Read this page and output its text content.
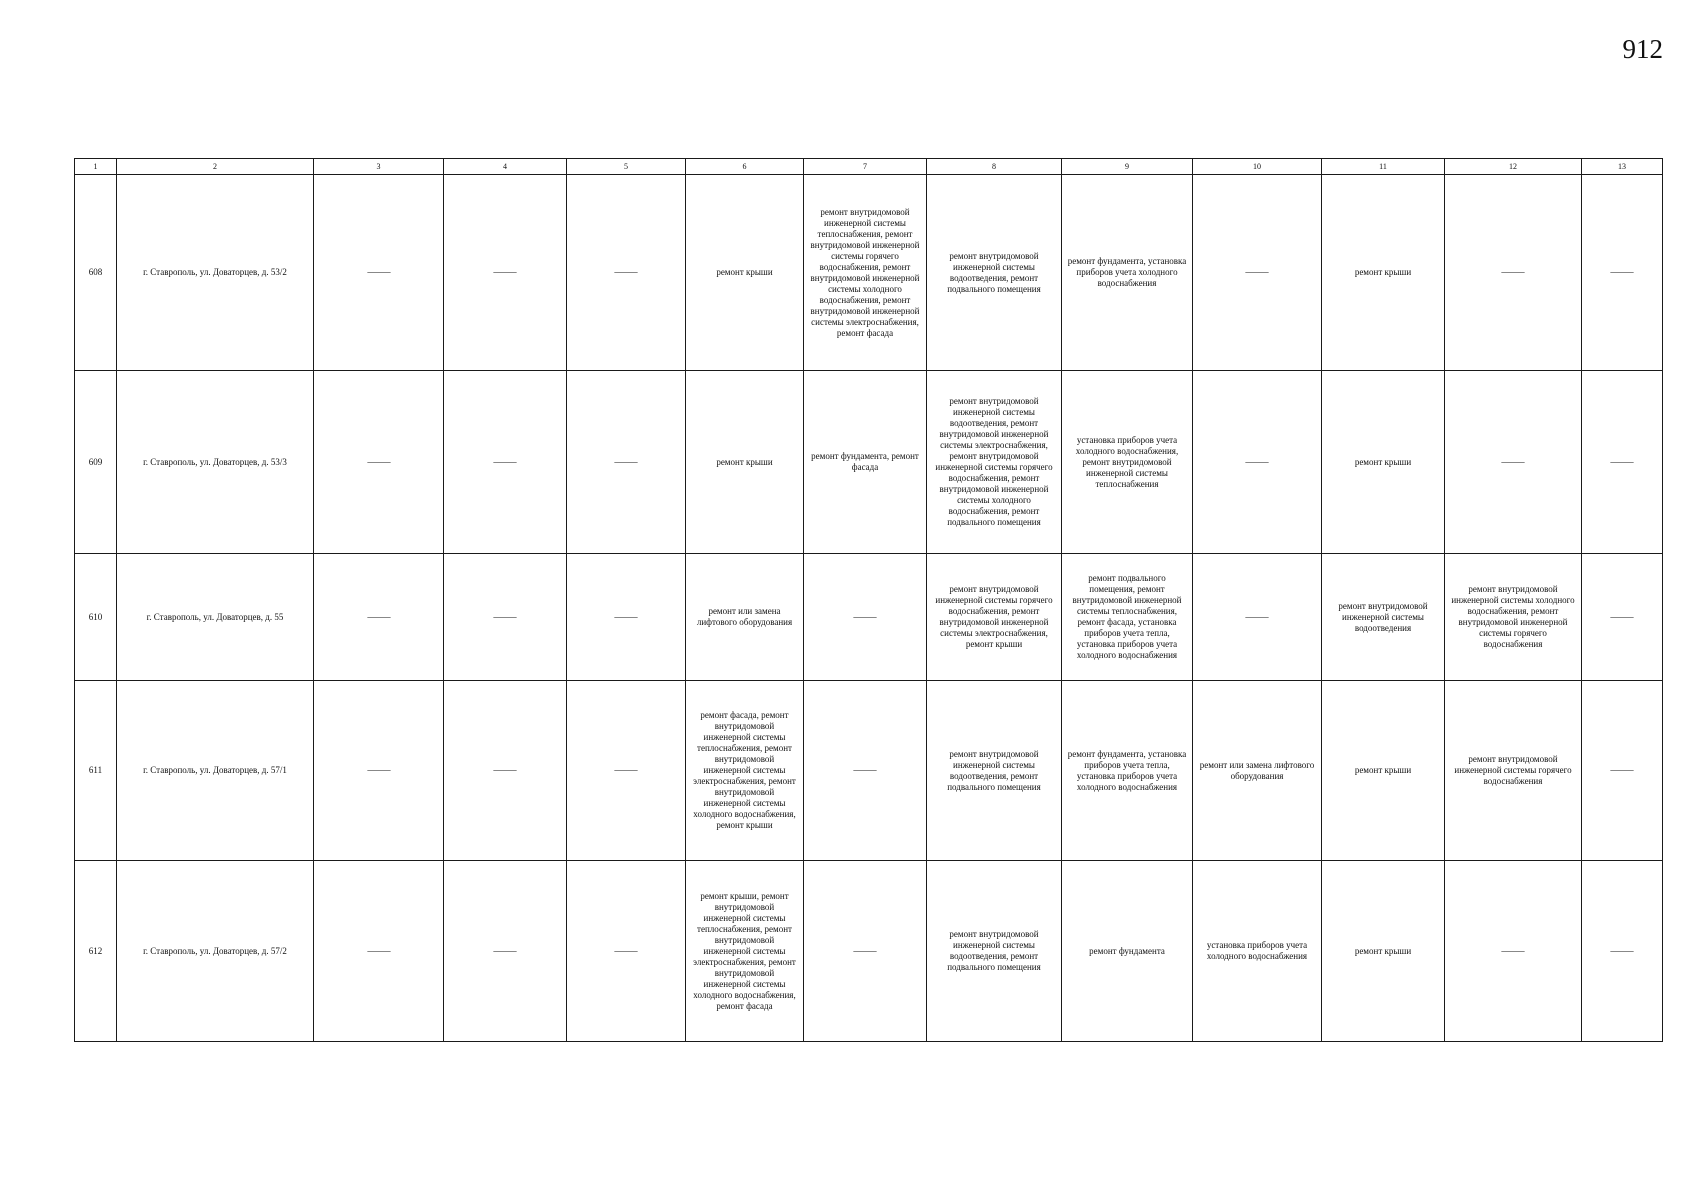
912
1	2	3	4	5	6	7	8	9	10	11	12	13
608	г. Ставрополь, ул. Доваторцев, д. 53/2	—	—	—	ремонт крыши	ремонт внутридомовой инженерной системы теплоснабжения, ремонт внутридомовой инженерной системы горячего водоснабжения, ремонт внутридомовой инженерной системы холодного водоснабжения, ремонт внутридомовой инженерной системы электроснабжения, ремонт фасада	ремонт внутридомовой инженерной системы водоотведения, ремонт подвального помещения	ремонт фундамента, установка приборов учета холодного водоснабжения	—	ремонт крыши	—	—
609	г. Ставрополь, ул. Доваторцев, д. 53/3	—	—	—	ремонт крыши	ремонт фундамента, ремонт фасада	ремонт внутридомовой инженерной системы водоотведения, ремонт внутридомовой инженерной системы электроснабжения, ремонт внутридомовой инженерной системы горячего водоснабжения, ремонт внутридомовой инженерной системы холодного водоснабжения, ремонт подвального помещения	установка приборов учета холодного водоснабжения, ремонт внутридомовой инженерной системы теплоснабжения	—	ремонт крыши	—	—
610	г. Ставрополь, ул. Доваторцев, д. 55	—	—	—	ремонт или замена лифтового оборудования	—	ремонт внутридомовой инженерной системы горячего водоснабжения, ремонт внутридомовой инженерной системы электроснабжения, ремонт крыши	ремонт подвального помещения, ремонт внутридомовой инженерной системы теплоснабжения, ремонт фасада, установка приборов учета тепла, установка приборов учета холодного водоснабжения	—	ремонт внутридомовой инженерной системы водоотведения	ремонт внутридомовой инженерной системы холодного водоснабжения, ремонт внутридомовой инженерной системы горячего водоснабжения	—
611	г. Ставрополь, ул. Доваторцев, д. 57/1	—	—	—	ремонт фасада, ремонт внутридомовой инженерной системы теплоснабжения, ремонт внутридомовой инженерной системы электроснабжения, ремонт внутридомовой инженерной системы холодного водоснабжения, ремонт крыши	—	ремонт внутридомовой инженерной системы водоотведения, ремонт подвального помещения	ремонт фундамента, установка приборов учета тепла, установка приборов учета холодного водоснабжения	ремонт или замена лифтового оборудования	ремонт крыши	ремонт внутридомовой инженерной системы горячего водоснабжения	—
612	г. Ставрополь, ул. Доваторцев, д. 57/2	—	—	—	ремонт крыши, ремонт внутридомовой инженерной системы теплоснабжения, ремонт внутридомовой инженерной системы электроснабжения, ремонт внутридомовой инженерной системы холодного водоснабжения, ремонт фасада	—	ремонт внутридомовой инженерной системы водоотведения, ремонт подвального помещения	ремонт фундамента	установка приборов учета холодного водоснабжения	ремонт крыши	—	—
